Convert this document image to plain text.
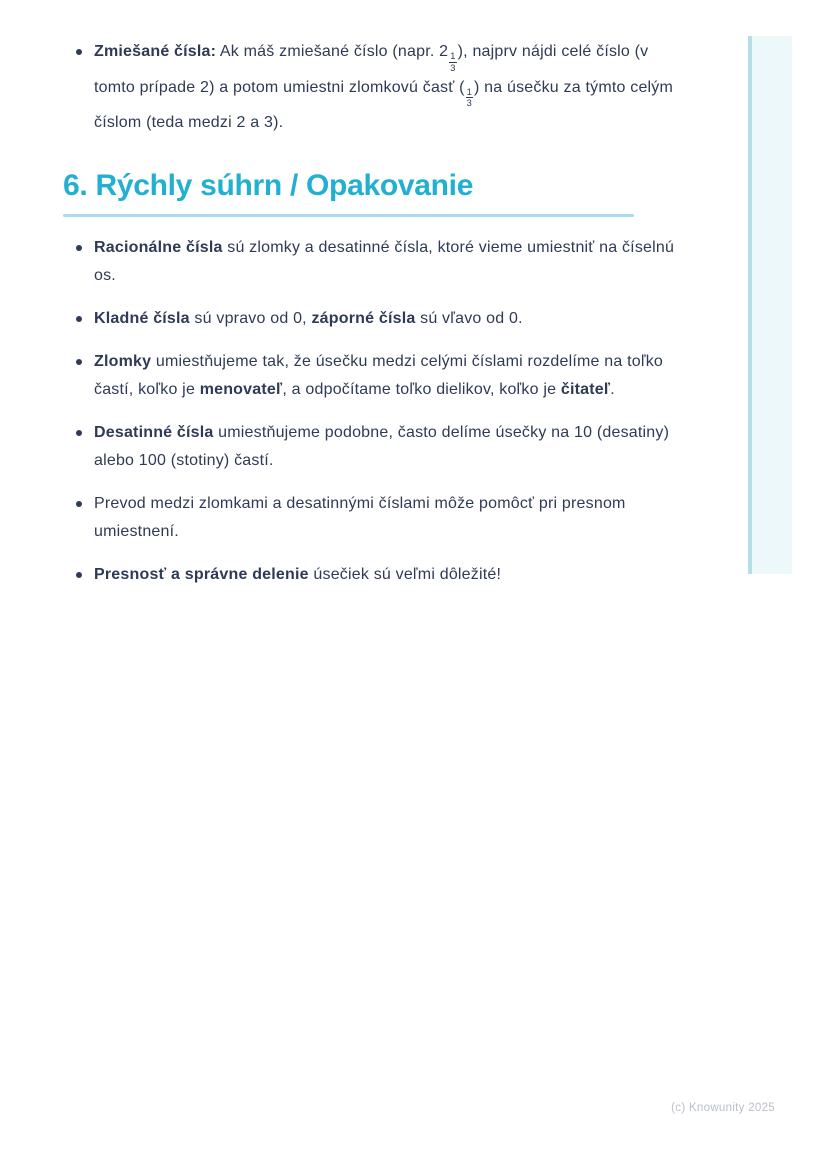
Zmiešané čísla: Ak máš zmiešané číslo (napr. $2 \frac{1}{3}$ ), najprv nájdi celé číslo (v tomto prípade 2) a potom umiestni zlomkovú časť ( $\frac{1}{3}$ ) na úsečku za týmto celým číslom (teda medzi 2 a 3).
6. Rýchly súhrn / Opakovanie
Racionálne čísla sú zlomky a desatinné čísla, ktoré vieme umiestniť na číselnú os.
Kladné čísla sú vpravo od 0, záporné čísla sú vľavo od 0.
Zlomky umiestňujeme tak, že úsečku medzi celými číslami rozdelíme na toľko častí, koľko je menovateľ, a odpočítame toľko dielikov, koľko je čitateľ.
Desatinné čísla umiestňujeme podobne, často delíme úsečky na 10 (desatiny) alebo 100 (stotiny) častí.
Prevod medzi zlomkami a desatinnými číslami môže pomôcť pri presnom umiestnení.
Presnosť a správne delenie úsečiek sú veľmi dôležité!
(c) Knowunity 2025
